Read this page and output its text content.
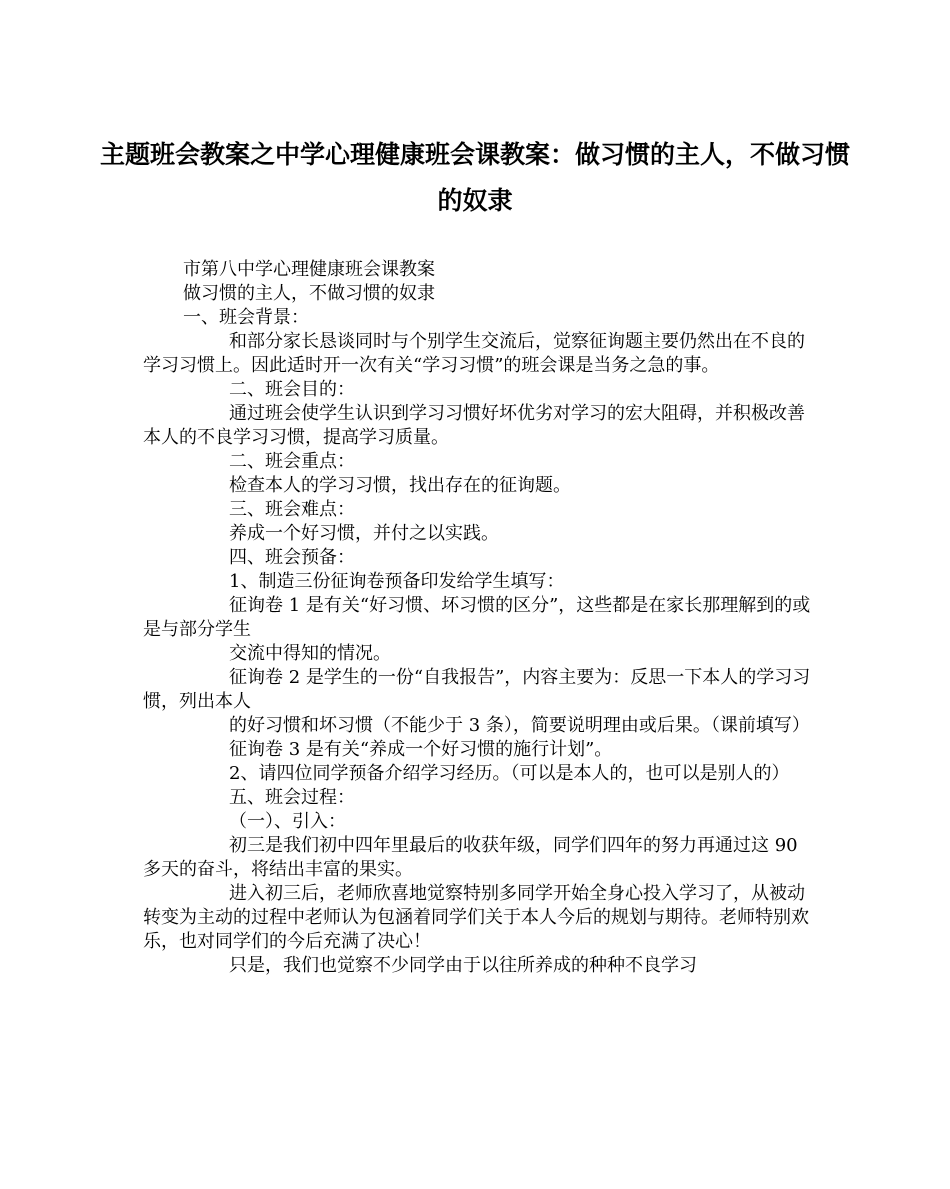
主题班会教案之中学心理健康班会课教案：做习惯的主人，不做习惯的奴隶

市第八中学心理健康班会课教案

做习惯的主人，不做习惯的奴隶

一、班会背景：

和部分家长恳谈同时与个别学生交流后，觉察征询题主要仍然出在不良的学习习惯上。因此适时开一次有关“学习习惯”的班会课是当务之急的事。

二、班会目的：

通过班会使学生认识到学习习惯好坏优劣对学习的宏大阻碍，并积极改善本人的不良学习习惯，提高学习质量。

二、班会重点：

检查本人的学习习惯，找出存在的征询题。

三、班会难点：

养成一个好习惯，并付之以实践。

四、班会预备：

1、制造三份征询卷预备印发给学生填写：

征询卷 1 是有关“好习惯、坏习惯的区分”，这些都是在家长那理解到的或是与部分学生

交流中得知的情况。

征询卷 2 是学生的一份“自我报告”，内容主要为：反思一下本人的学习习惯，列出本人

的好习惯和坏习惯（不能少于 3 条），简要说明理由或后果。（课前填写）

征询卷 3 是有关“养成一个好习惯的施行计划”。

2、请四位同学预备介绍学习经历。（可以是本人的，也可以是别人的）

五、班会过程：

（一）、引入：

初三是我们初中四年里最后的收获年级，同学们四年的努力再通过这 90 多天的奋斗，将结出丰富的果实。

进入初三后，老师欣喜地觉察特别多同学开始全身心投入学习了，从被动转变为主动的过程中老师认为包涵着同学们关于本人今后的规划与期待。老师特别欢乐，也对同学们的今后充满了决心！

只是，我们也觉察不少同学由于以往所养成的种种不良学习
